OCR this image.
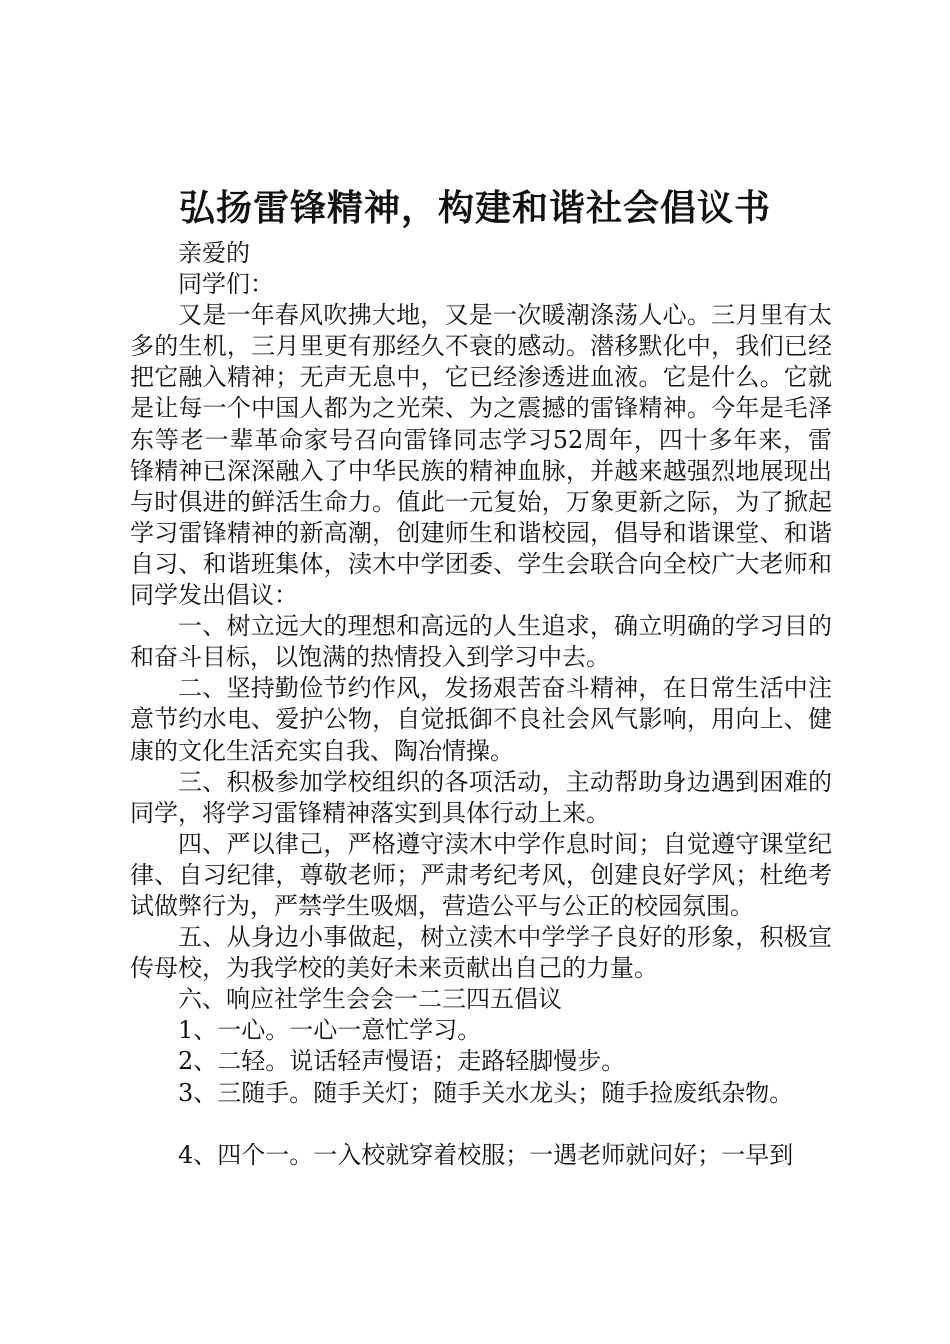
弘扬雷锋精神，构建和谐社会倡议书

亲爱的

同学们：

又是一年春风吹拂大地，又是一次暖潮涤荡人心。三月里有太多的生机，三月里更有那经久不衰的感动。潜移默化中，我们已经把它融入精神；无声无息中，它已经渗透进血液。它是什么。它就是让每一个中国人都为之光荣、为之震撼的雷锋精神。今年是毛泽东等老一辈革命家号召向雷锋同志学习52周年，四十多年来，雷锋精神已深深融入了中华民族的精神血脉，并越来越强烈地展现出与时俱进的鲜活生命力。值此一元复始，万象更新之际，为了掀起学习雷锋精神的新高潮，创建师生和谐校园，倡导和谐课堂、和谐自习、和谐班集体，渎木中学团委、学生会联合向全校广大老师和同学发出倡议：

一、树立远大的理想和高远的人生追求，确立明确的学习目的和奋斗目标，以饱满的热情投入到学习中去。

二、坚持勤俭节约作风，发扬艰苦奋斗精神，在日常生活中注意节约水电、爱护公物，自觉抵御不良社会风气影响，用向上、健康的文化生活充实自我、陶冶情操。

三、积极参加学校组织的各项活动，主动帮助身边遇到困难的同学，将学习雷锋精神落实到具体行动上来。

四、严以律己，严格遵守渎木中学作息时间；自觉遵守课堂纪律、自习纪律，尊敬老师；严肃考纪考风，创建良好学风；杜绝考试做弊行为，严禁学生吸烟，营造公平与公正的校园氛围。

五、从身边小事做起，树立渎木中学学子良好的形象，积极宣传母校，为我学校的美好未来贡献出自己的力量。

六、响应社学生会会一二三四五倡议

1、一心。一心一意忙学习。

2、二轻。说话轻声慢语；走路轻脚慢步。

3、三随手。随手关灯；随手关水龙头；随手捡废纸杂物。

4、四个一。一入校就穿着校服；一遇老师就问好；一早到
